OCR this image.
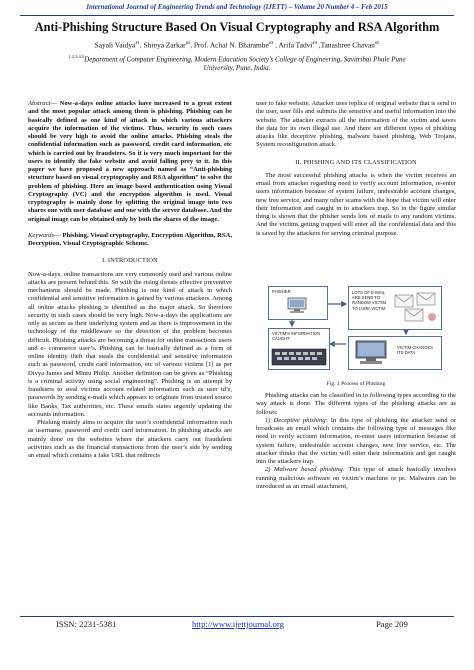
International Journal of Engineering Trends and Technology (IJETT) – Volume 20 Number 4 – Feb 2015
Anti-Phishing Structure Based On Visual Cryptography and RSA Algorithm
Sayali Vaidya$^{\#1}$, Shreya Zarkar$^{\#2}$, Prof. Achal N. Bharambe$^{\#3}$ , Arifa Tadvi$^{\#4}$ ,Tanashree Chavan$^{\#5}$
$^{1,2,3,4,5}$Department of Computer Engineering, Modern Education Society’s College of Engineering, Savitribai Phule Pune
University, Pune, India.

Abstract— Now-a-days online attacks have increased to a great extent and the most popular attack among them is phishing. Phishing can be basically defined as one kind of attack in which various attackers acquire the information of the victims. Thus, security in such cases should be very high to avoid the online attacks. Phishing steals the confidential information such as password, credit card information, etc which is carried out by fraudsters. So it is very much important for the users to identify the fake website and avoid falling prey to it. In this paper we have proposed a new approach named as “Anti-phishing structure based on visual cryptography and RSA algorithm” to solve the problem of phishing. Here an image based authentication using Visual Cryptography (VC) and the encryption algorithm is used. Visual cryptography is mainly done by splitting the original image into two shares one with user database and one with the server database. And the original image can be obtained only by both the shares of the image.

Keywords— Phishing, Visual cryptography, Encryption Algorithm, RSA, Decryption, Visual Cryptographic Scheme.

I. INTRODUCTION

Now-a-days, online transactions are very commonly used and various online attacks are present behind this. So with the rising threats effective preventive mechanisms should be made. Phishing is one kind of attack in which confidential and sensitive information is gained by various attackers. Among all online attacks phishing is identified as the major attack. So therefore security in such cases should be very high. Now-a-days the applications are only as secure as their underlying system and as there is improvement in the technology of the middleware so the detection of the problem becomes difficult. Phishing attacks are becoming a threat for online transactions users and e- commerce user’s. Phishing can be basically defined as a form of online identity theft that steals the confidential and sensitive information such as password, credit card information, etc of various victims [1] as per Divya James and Mintu Philip. Another definition can be given as “Phishing is a criminal activity using social engineering”. Phishing is an attempt by fraudsters to steal victims account related information such as user id’s, passwords by sending e-mails which appears to originate from trusted source like Banks, Tax authorities, etc. These emails states urgently updating the accounts information.

Phishing mainly aims to acquire the user’s confidential information such as username, password and credit card information. In phishing attacks are mainly done on the websites where the attackers carry out fraudulent activities such as the financial transactions from the user’s side by sending an email which contains a fake URL that redirects

user to fake website. Attacker uses replica of original website that is send to the user, user fills and submits the sensitive and useful information into the website. The attacker extracts all the information of the victim and saves the data for its own illegal use. And there are different types of phishing attacks like deceptive phishing, malware based phishing, Web Trojans, System reconfiguration attack.

II. PHISHING AND ITS CLASSIFICATION

The most successful phishing attacks is when the victim receives an email from attacker regarding need to verify account information, re-enter users information because of system failure, undesirable account changes, new free service, and many other scams with the hope that victim will enter their information and caught in to attackers trap. So in the figure similar thing is shown that the phisher sends lots of mails to any random victims. And the victims getting trapped will enter all the confidential data and this is saved by the attackers for serving criminal purpose.

PHISHER	LOTS OF E-MAIL ARE SEND TO RANDOM VICTIM TO LURE VICTIM
VICTIM’S INFORMATION CAUGHT
VICTIM CHANGES ITS DATA
Fig. 1 Process of Phishing

Phishing attacks can be classified in to following types according to the way attack is done. The different types of the phishing attacks are as follows:

1) Deceptive phishing: In this type of phishing the attacker send or broadcasts an email which contains the following type of messages like need to verify account information, re-enter users information because of system failure, undesirable account changes, new free service, etc. The attacker thinks that the victim will enter their information and get caught into the attackers trap.

2) Malware based phishing: This type of attack basically involves running malicious software on victim’s machine or pc. Malwares can be introduced as an email attachment,

ISSN: 2231-5381	http://www.ijettjournal.org	Page 209
